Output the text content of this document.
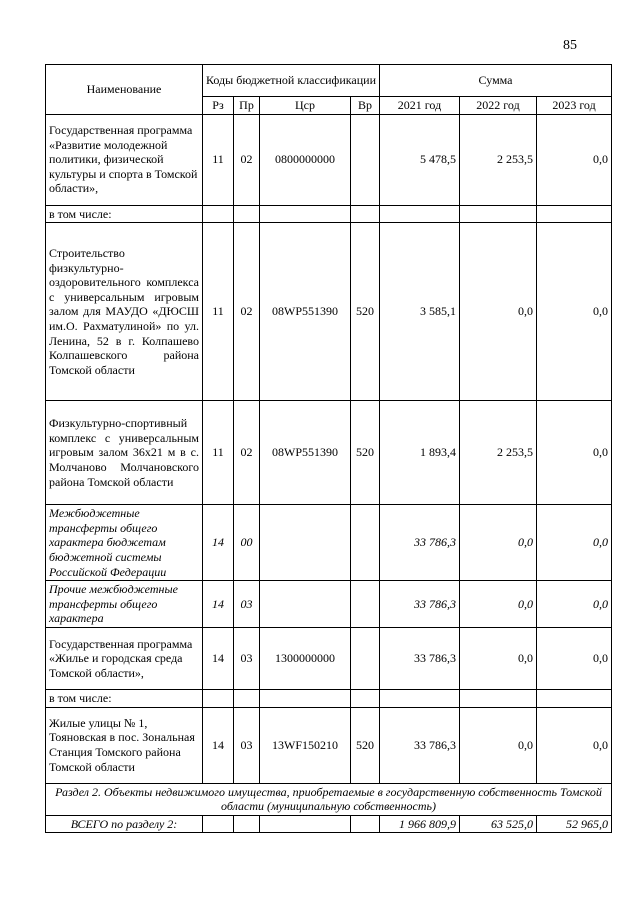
85
Наименование	Коды бюджетной классификации				Сумма		
	Рз	Пр	Цср	Вр	2021 год	2022 год	2023 год
Государственная программа «Развитие молодежной политики, физической культуры и спорта в Томской области»,	11	02	0800000000		5 478,5	2 253,5	0,0
в том числе:							
Строительство физкультурно-оздоровительного комплекса с универсальным игровым залом для МАУДО «ДЮСШ им.О. Рахматулиной» по ул. Ленина, 52 в г. Колпашево Колпашевского района Томской области	11	02	08WP551390	520	3 585,1	0,0	0,0
Физкультурно-спортивный комплекс с универсальным игровым залом 36х21 м в с. Молчаново Молчановского района Томской области	11	02	08WP551390	520	1 893,4	2 253,5	0,0
Межбюджетные трансферты общего характера бюджетам бюджетной системы Российской Федерации	14	00			33 786,3	0,0	0,0
Прочие межбюджетные трансферты общего характера	14	03			33 786,3	0,0	0,0
Государственная программа «Жилье и городская среда Томской области»,	14	03	1300000000		33 786,3	0,0	0,0
в том числе:							
Жилые улицы № 1, Тояновская в пос. Зональная Станция Томского района Томской области	14	03	13WF150210	520	33 786,3	0,0	0,0
Раздел 2. Объекты недвижимого имущества, приобретаемые в государственную собственность Томской области (муниципальную собственность)							
ВСЕГО по разделу 2:					1 966 809,9	63 525,0	52 965,0
